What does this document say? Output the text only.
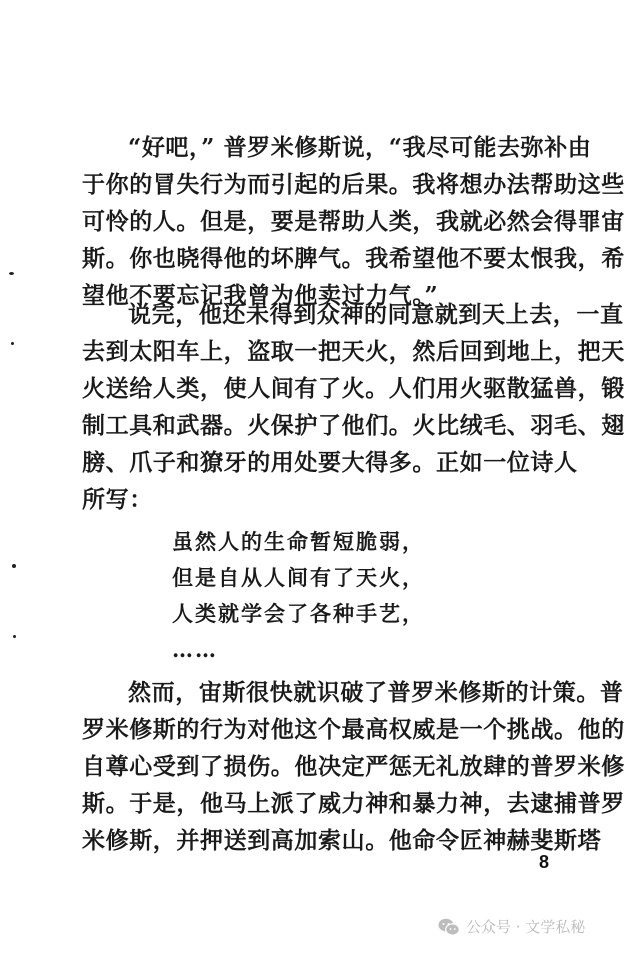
“好吧，” 普罗米修斯说，“我尽可能去弥补由
于你的冒失行为而引起的后果。我将想办法帮助这些
可怜的人。但是，要是帮助人类，我就必然会得罪宙
斯。你也晓得他的坏脾气。我希望他不要太恨我，希
望他不要忘记我曾为他卖过力气。”
说完，他还未得到众神的同意就到天上去，一直
去到太阳车上，盗取一把天火，然后回到地上，把天
火送给人类，使人间有了火。人们用火驱散猛兽，锻
制工具和武器。火保护了他们。火比绒毛、羽毛、翅
膀、爪子和獠牙的用处要大得多。正如一位诗人
所写：
虽然人的生命暂短脆弱，
但是自从人间有了天火，
人类就学会了各种手艺，
……
然而，宙斯很快就识破了普罗米修斯的计策。普
罗米修斯的行为对他这个最高权威是一个挑战。他的
自尊心受到了损伤。他决定严惩无礼放肆的普罗米修
斯。于是，他马上派了威力神和暴力神，去逮捕普罗
米修斯，并押送到高加索山。他命令匠神赫斐斯塔
8
公众号 · 文学私秘
